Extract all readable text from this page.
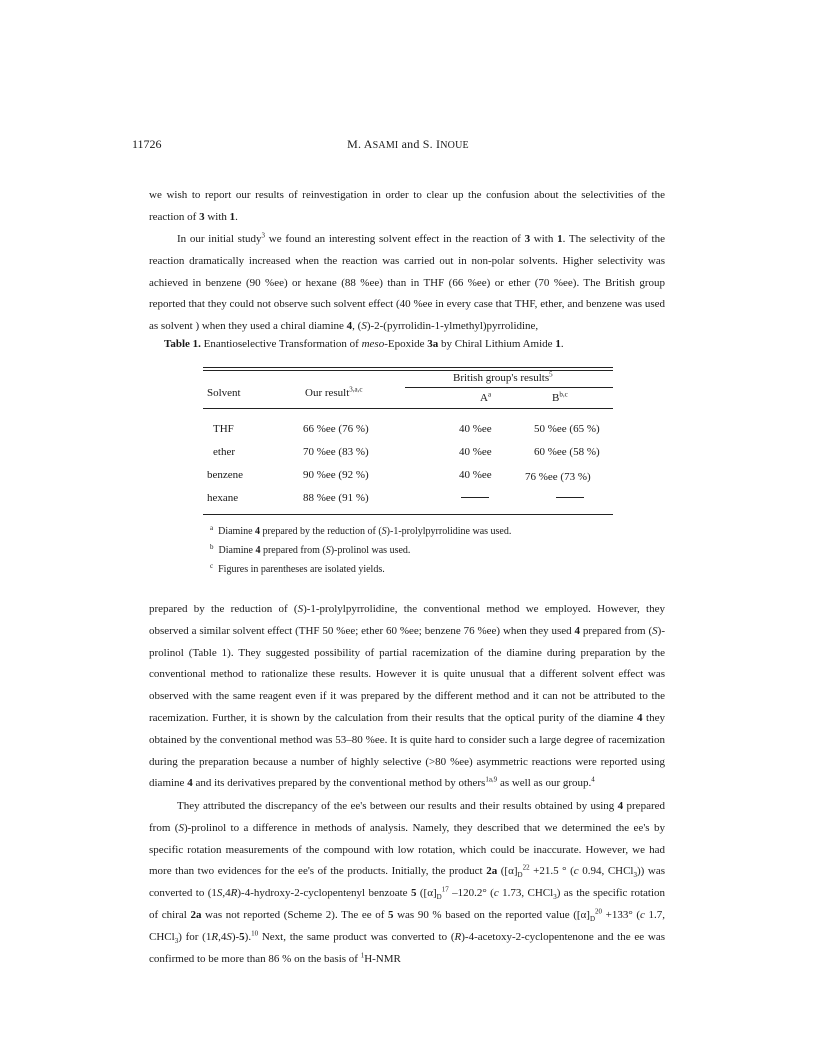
11726	M. ASAMI and S. INOUE

we wish to report our results of reinvestigation in order to clear up the confusion about the selectivities of the reaction of 3 with 1.

In our initial study$^3$ we found an interesting solvent effect in the reaction of 3 with 1. The selectivity of the reaction dramatically increased when the reaction was carried out in non-polar solvents. Higher selectivity was achieved in benzene (90 %ee) or hexane (88 %ee) than in THF (66 %ee) or ether (70 %ee). The British group reported that they could not observe such solvent effect (40 %ee in every case that THF, ether, and benzene was used as solvent ) when they used a chiral diamine 4, (S)-2-(pyrrolidin-1-ylmethyl)pyrrolidine,

Table 1. Enantioselective Transformation of meso-Epoxide 3a by Chiral Lithium Amide 1.

Solvent	Our result$^{3,a,c}$
British group's results$^5$
$A^a$	B$^{b,c}$
THF	66 %ee (76 %)	40 %ee	50 %ee (65 %)
ether	70 %ee (83 %)	40 %ee	60 %ee (58 %)
benzene	90 %ee (92 %)	40 %ee	76 %ee (73 %)
hexane	88 %ee (91 %)

$^a$ Diamine 4 prepared by the reduction of (S)-1-prolylpyrrolidine was used.

$^b$ Diamine 4 prepared from (S)-prolinol was used.

$^c$ Figures in parentheses are isolated yields.

prepared by the reduction of (S)-1-prolylpyrrolidine, the conventional method we employed. However, they observed a similar solvent effect (THF 50 %ee; ether 60 %ee; benzene 76 %ee) when they used 4 prepared from (S)-prolinol (Table 1). They suggested possibility of partial racemization of the diamine during preparation by the conventional method to rationalize these results. However it is quite unusual that a different solvent effect was observed with the same reagent even if it was prepared by the different method and it can not be attributed to the racemization. Further, it is shown by the calculation from their results that the optical purity of the diamine 4 they obtained by the conventional method was 53–80 %ee. It is quite hard to consider such a large degree of racemization during the preparation because a number of highly selective (>80 %ee) asymmetric reactions were reported using diamine 4 and its derivatives prepared by the conventional method by others$^{1a,9}$ as well as our group.$^4$

They attributed the discrepancy of the ee's between our results and their results obtained by using 4 prepared from (S)-prolinol to a difference in methods of analysis. Namely, they described that we determined the ee's by specific rotation measurements of the compound with low rotation, which could be inaccurate. However, we had more than two evidences for the ee's of the products. Initially, the product 2a ($[\alpha]_D^{22} +21.5$ ° (c 0.94, CHCl$_3$)) was converted to (1S,4R)-4-hydroxy-2-cyclopentenyl benzoate 5 ($[\alpha]_D^{17}$ –120.2° (c 1.73, CHCl$_3$) as the specific rotation of chiral 2a was not reported (Scheme 2). The ee of 5 was 90 % based on the reported value ($[\alpha]_D^{20} +133^\circ$ (c 1.7, CHCl$_3$) for (1R,4S)-5).$^{10}$ Next, the same product was converted to (R)-4-acetoxy-2-cyclopentenone and the ee was confirmed to be more than 86 % on the basis of $^1$H-NMR
